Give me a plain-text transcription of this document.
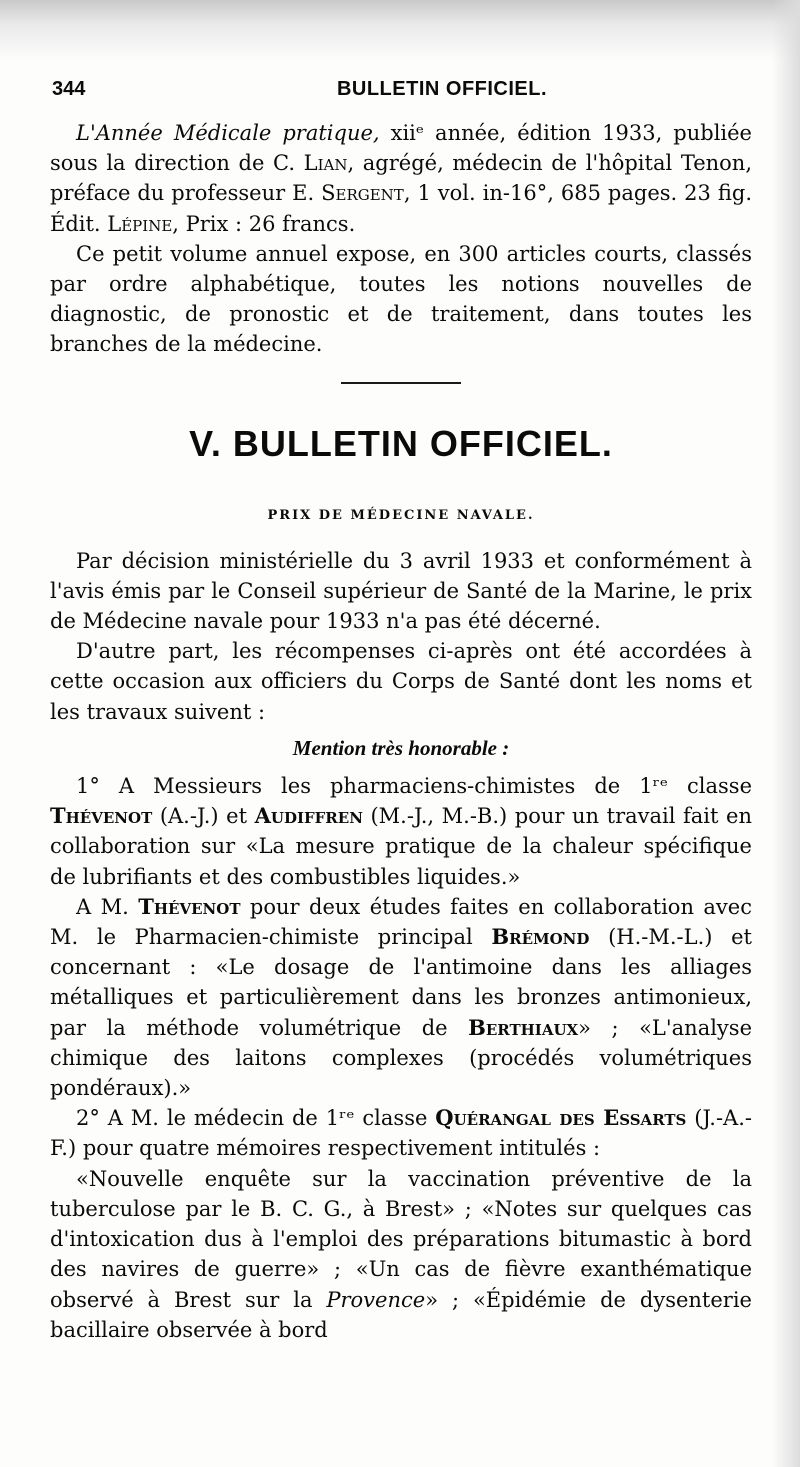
344	BULLETIN OFFICIEL.

L'Année Médicale pratique, xiiᵉ année, édition 1933, publiée sous la direction de C. Lian, agrégé, médecin de l'hôpital Tenon, préface du professeur E. Sergent, 1 vol. in-16°, 685 pages. 23 fig. Édit. Lépine, Prix : 26 francs.

Ce petit volume annuel expose, en 300 articles courts, classés par ordre alphabétique, toutes les notions nouvelles de diagnostic, de pronostic et de traitement, dans toutes les branches de la médecine.

V. BULLETIN OFFICIEL.
PRIX DE MÉDECINE NAVALE.

Par décision ministérielle du 3 avril 1933 et conformément à l'avis émis par le Conseil supérieur de Santé de la Marine, le prix de Médecine navale pour 1933 n'a pas été décerné.

D'autre part, les récompenses ci-après ont été accordées à cette occasion aux officiers du Corps de Santé dont les noms et les travaux suivent :

Mention très honorable :

1° A Messieurs les pharmaciens-chimistes de 1ʳᵉ classe Thévenot (A.-J.) et Audiffren (M.-J., M.-B.) pour un travail fait en collaboration sur «La mesure pratique de la chaleur spécifique de lubrifiants et des combustibles liquides.»

A M. Thévenot pour deux études faites en collaboration avec M. le Pharmacien-chimiste principal Brémond (H.-M.-L.) et concernant : «Le dosage de l'antimoine dans les alliages métalliques et particulièrement dans les bronzes antimonieux, par la méthode volumétrique de Berthiaux» ; «L'analyse chimique des laitons complexes (procédés volumétriques pondéraux).»

2° A M. le médecin de 1ʳᵉ classe Quérangal des Essarts (J.-A.-F.) pour quatre mémoires respectivement intitulés :

«Nouvelle enquête sur la vaccination préventive de la tuberculose par le B. C. G., à Brest» ; «Notes sur quelques cas d'intoxication dus à l'emploi des préparations bitumastic à bord des navires de guerre» ; «Un cas de fièvre exanthématique observé à Brest sur la Provence» ; «Épidémie de dysenterie bacillaire observée à bord
